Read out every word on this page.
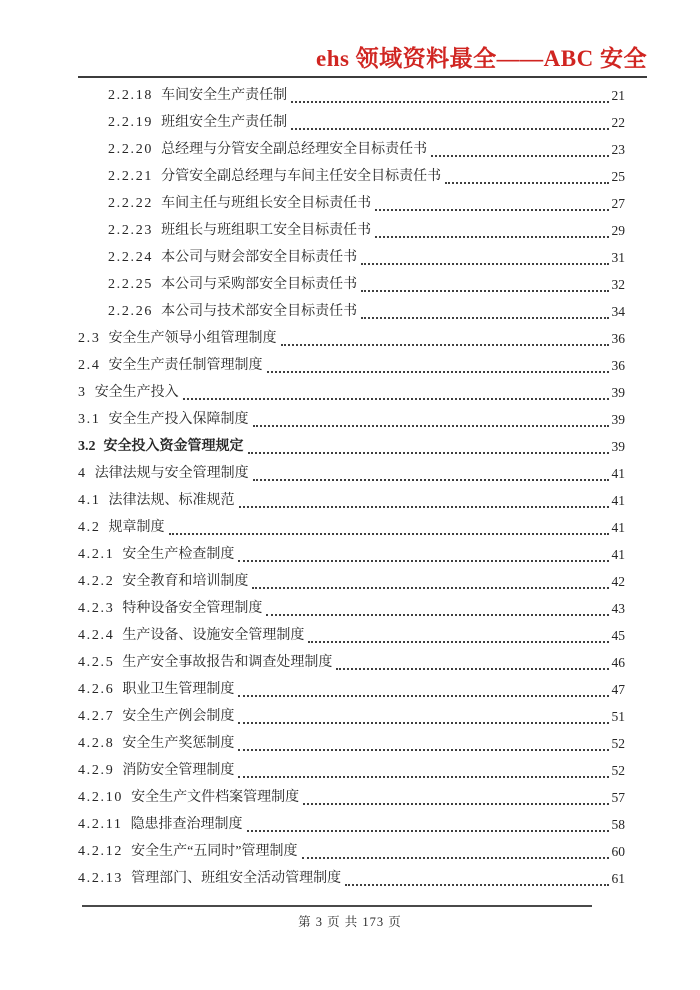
ehs 领域资料最全——ABC 安全
2.2.18 车间安全生产责任制	21
2.2.19 班组安全生产责任制	22
2.2.20 总经理与分管安全副总经理安全目标责任书	23
2.2.21 分管安全副总经理与车间主任安全目标责任书	25
2.2.22 车间主任与班组长安全目标责任书	27
2.2.23 班组长与班组职工安全目标责任书	29
2.2.24 本公司与财会部安全目标责任书	31
2.2.25 本公司与采购部安全目标责任书	32
2.2.26 本公司与技术部安全目标责任书	34
2.3 安全生产领导小组管理制度	36
2.4 安全生产责任制管理制度	36
3 安全生产投入	39
3.1 安全生产投入保障制度	39
3.2 安全投入资金管理规定	39
4 法律法规与安全管理制度	41
4.1 法律法规、标准规范	41
4.2 规章制度	41
4.2.1 安全生产检查制度	41
4.2.2 安全教育和培训制度	42
4.2.3 特种设备安全管理制度	43
4.2.4 生产设备、设施安全管理制度	45
4.2.5 生产安全事故报告和调查处理制度	46
4.2.6 职业卫生管理制度	47
4.2.7 安全生产例会制度	51
4.2.8 安全生产奖惩制度	52
4.2.9 消防安全管理制度	52
4.2.10 安全生产文件档案管理制度	57
4.2.11 隐患排查治理制度	58
4.2.12 安全生产“五同时”管理制度	60
4.2.13 管理部门、班组安全活动管理制度	61
第 3 页 共 173 页
